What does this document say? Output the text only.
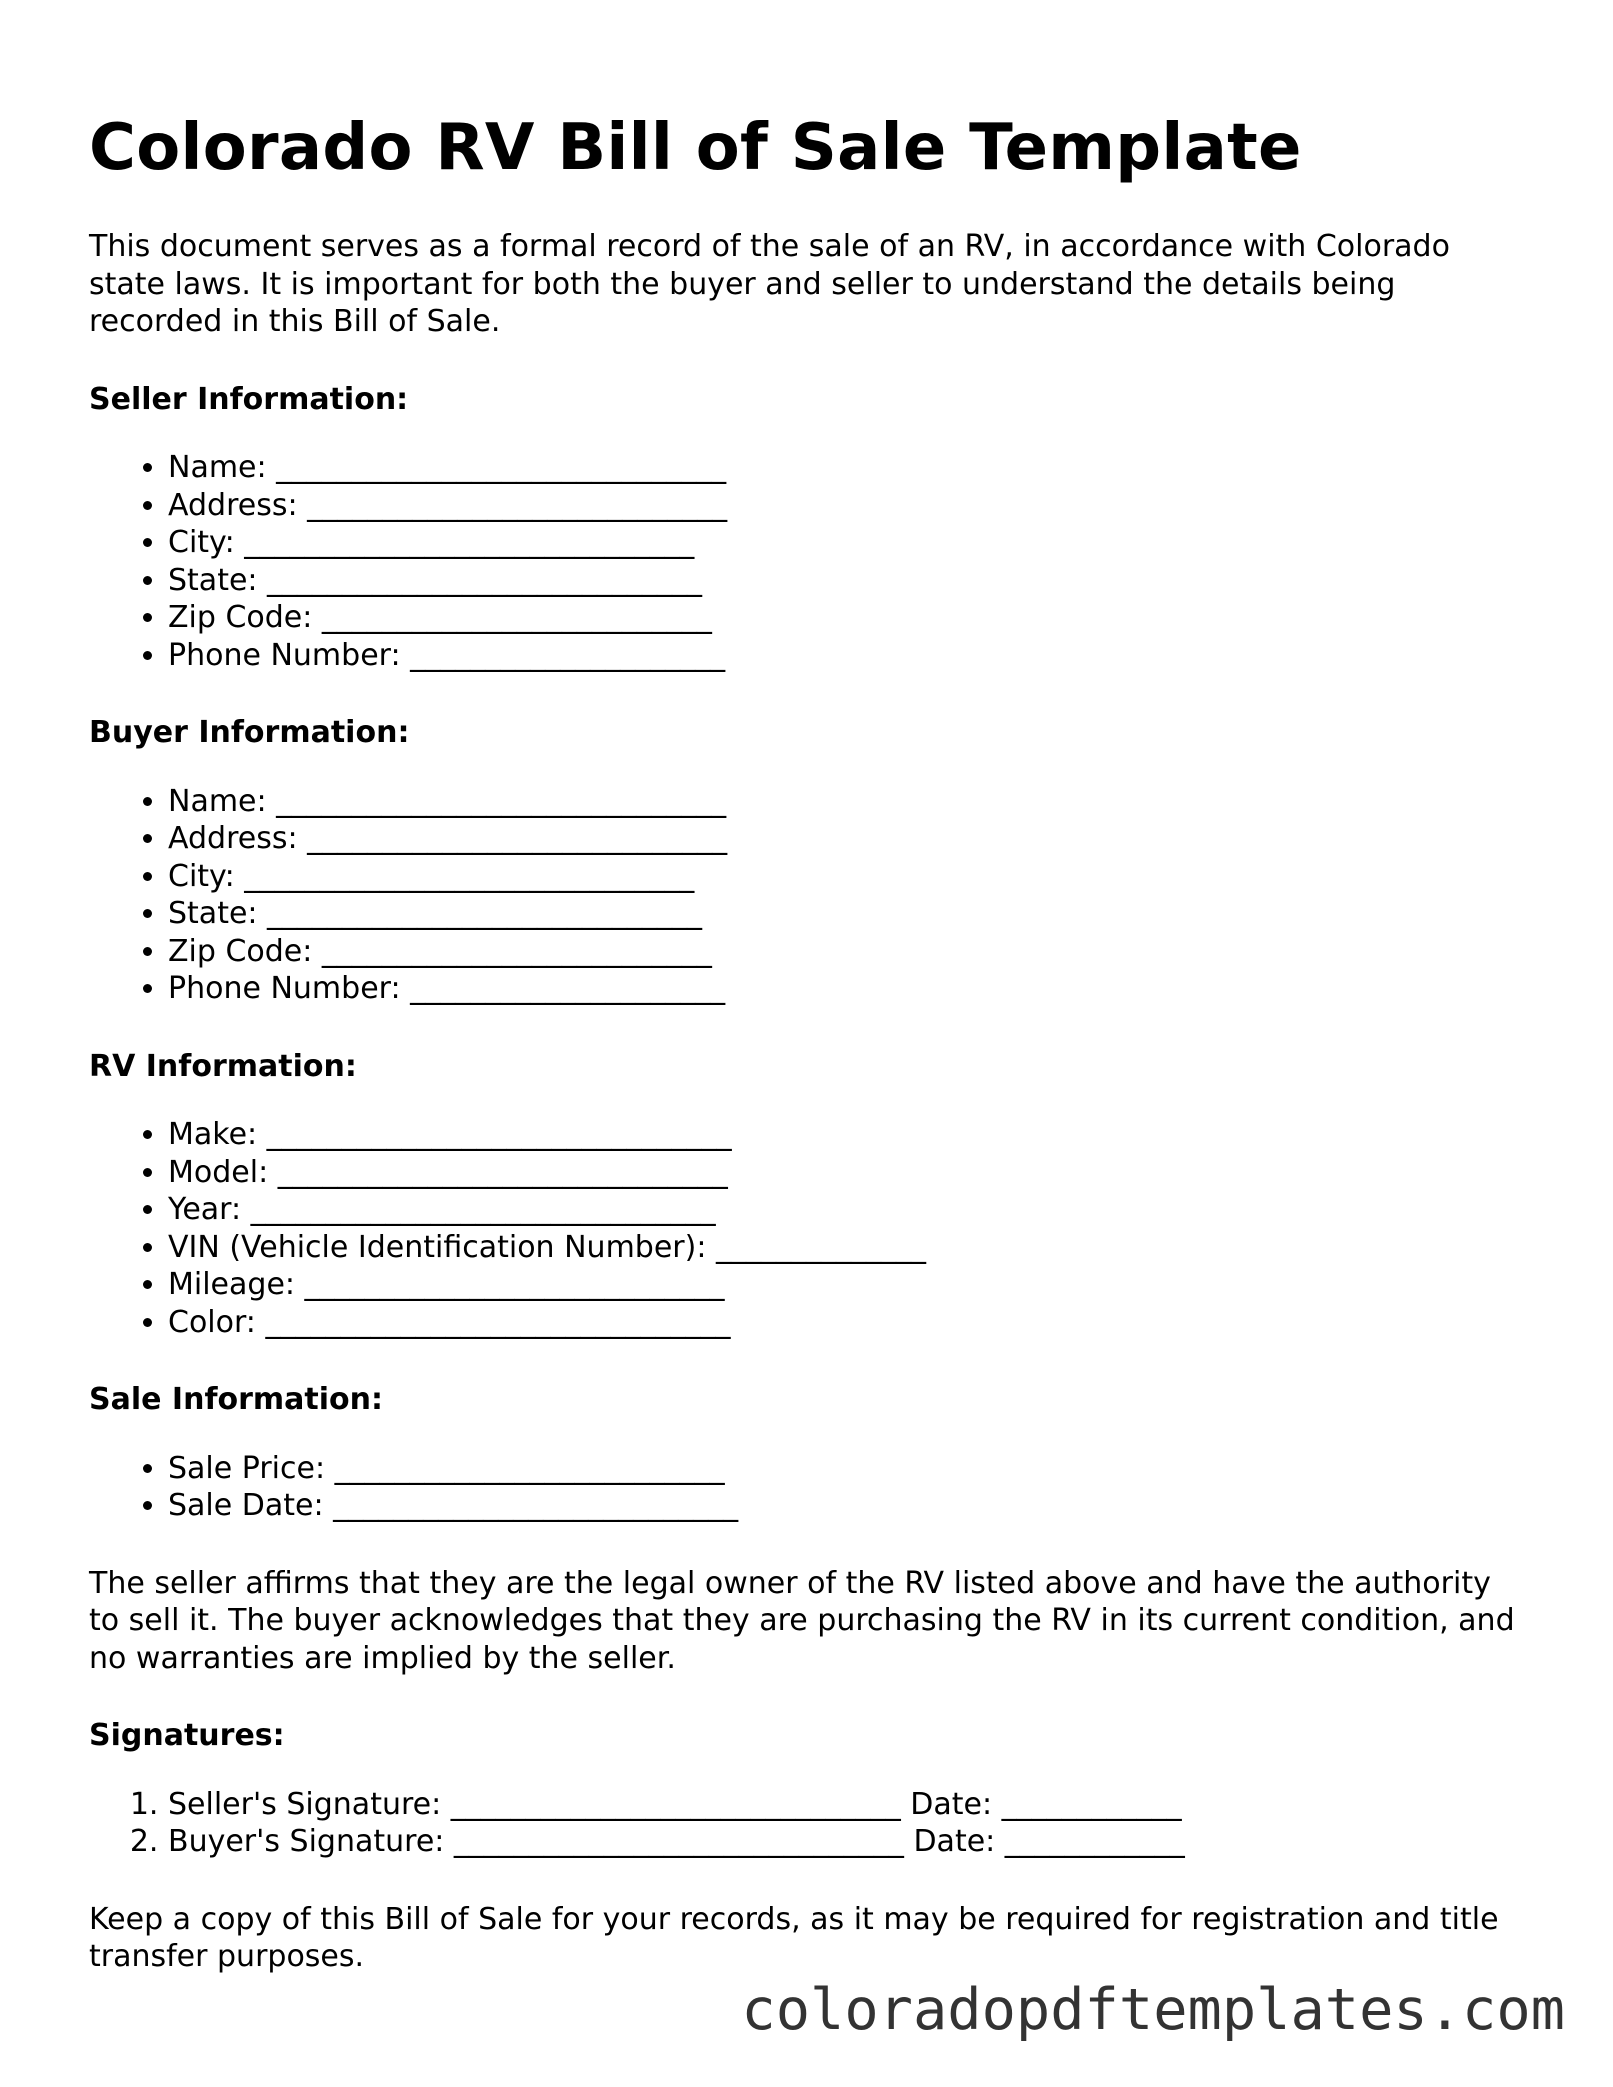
Colorado RV Bill of Sale Template

This document serves as a formal record of the sale of an RV, in accordance with Colorado state laws. It is important for both the buyer and seller to understand the details being recorded in this Bill of Sale.

Seller Information:
• Name: ______________________________
• Address: ____________________________
• City: ______________________________
• State: _____________________________
• Zip Code: __________________________
• Phone Number: _____________________
Buyer Information:
• Name: ______________________________
• Address: ____________________________
• City: ______________________________
• State: _____________________________
• Zip Code: __________________________
• Phone Number: _____________________
RV Information:
• Make: _______________________________
• Model: ______________________________
• Year: _______________________________
• VIN (Vehicle Identification Number): ______________
• Mileage: ____________________________
• Color: _______________________________
Sale Information:
• Sale Price: __________________________
• Sale Date: ___________________________

The seller affirms that they are the legal owner of the RV listed above and have the authority to sell it. The buyer acknowledges that they are purchasing the RV in its current condition, and no warranties are implied by the seller.

Signatures:
1. Seller's Signature: ______________________________ Date: ____________
2. Buyer's Signature: ______________________________ Date: ____________

Keep a copy of this Bill of Sale for your records, as it may be required for registration and title transfer purposes.

coloradopdftemplates.com
